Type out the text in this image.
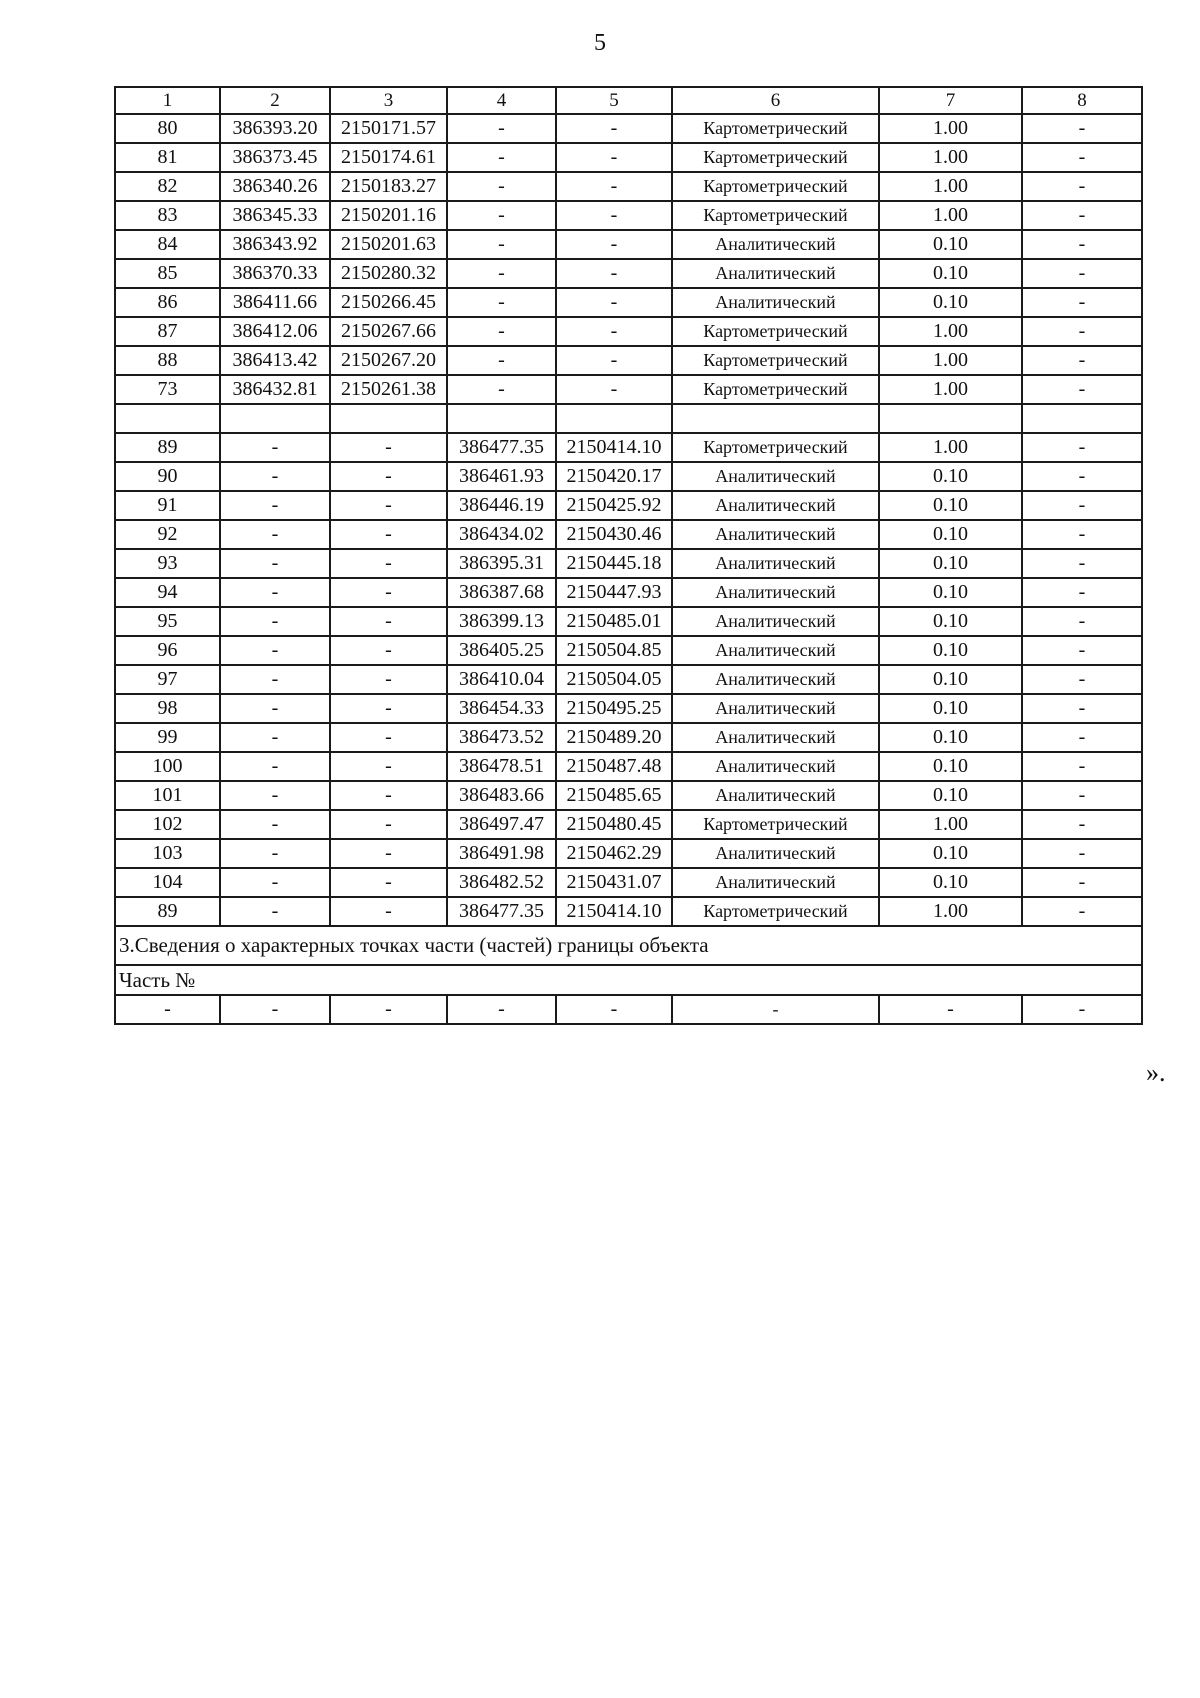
5
1	2	3	4	5	6	7	8
80	386393.20	2150171.57	-	-	Картометрический	1.00	-
81	386373.45	2150174.61	-	-	Картометрический	1.00	-
82	386340.26	2150183.27	-	-	Картометрический	1.00	-
83	386345.33	2150201.16	-	-	Картометрический	1.00	-
84	386343.92	2150201.63	-	-	Аналитический	0.10	-
85	386370.33	2150280.32	-	-	Аналитический	0.10	-
86	386411.66	2150266.45	-	-	Аналитический	0.10	-
87	386412.06	2150267.66	-	-	Картометрический	1.00	-
88	386413.42	2150267.20	-	-	Картометрический	1.00	-
73	386432.81	2150261.38	-	-	Картометрический	1.00	-

89	-	-	386477.35	2150414.10	Картометрический	1.00	-
90	-	-	386461.93	2150420.17	Аналитический	0.10	-
91	-	-	386446.19	2150425.92	Аналитический	0.10	-
92	-	-	386434.02	2150430.46	Аналитический	0.10	-
93	-	-	386395.31	2150445.18	Аналитический	0.10	-
94	-	-	386387.68	2150447.93	Аналитический	0.10	-
95	-	-	386399.13	2150485.01	Аналитический	0.10	-
96	-	-	386405.25	2150504.85	Аналитический	0.10	-
97	-	-	386410.04	2150504.05	Аналитический	0.10	-
98	-	-	386454.33	2150495.25	Аналитический	0.10	-
99	-	-	386473.52	2150489.20	Аналитический	0.10	-
100	-	-	386478.51	2150487.48	Аналитический	0.10	-
101	-	-	386483.66	2150485.65	Аналитический	0.10	-
102	-	-	386497.47	2150480.45	Картометрический	1.00	-
103	-	-	386491.98	2150462.29	Аналитический	0.10	-
104	-	-	386482.52	2150431.07	Аналитический	0.10	-
89	-	-	386477.35	2150414.10	Картометрический	1.00	-
3.Сведения о характерных точках части (частей) границы объекта							
Часть №							
-	-	-	-	-	-	-	-
».
